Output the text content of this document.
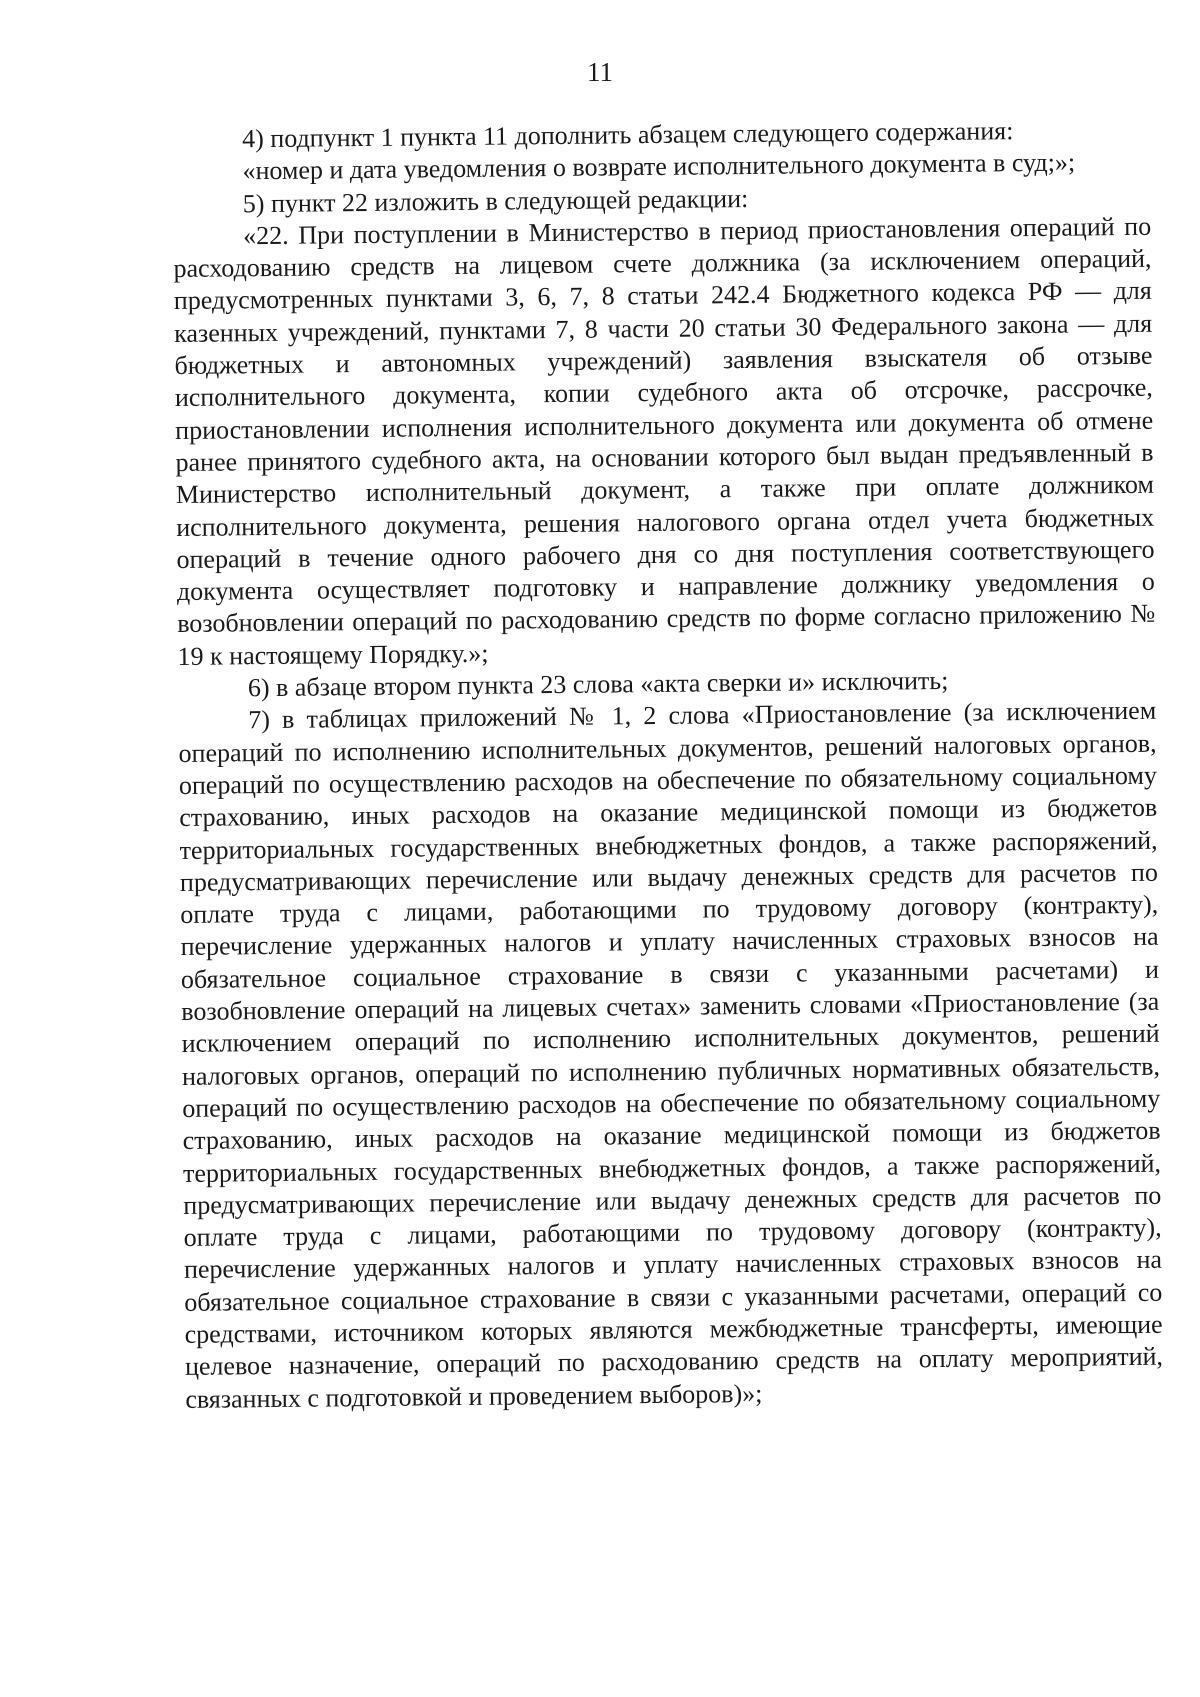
11

4) подпункт 1 пункта 11 дополнить абзацем следующего содержания:

«номер и дата уведомления о возврате исполнительного документа в суд;»;

5) пункт 22 изложить в следующей редакции:

«22. При поступлении в Министерство в период приостановления операций по расходованию средств на лицевом счете должника (за исключением операций, предусмотренных пунктами 3, 6, 7, 8 статьи 242.4 Бюджетного кодекса РФ — для казенных учреждений, пунктами 7, 8 части 20 статьи 30 Федерального закона — для бюджетных и автономных учреждений) заявления взыскателя об отзыве исполнительного документа, копии судебного акта об отсрочке, рассрочке, приостановлении исполнения исполнительного документа или документа об отмене ранее принятого судебного акта, на основании которого был выдан предъявленный в Министерство исполнительный документ, а также при оплате должником исполнительного документа, решения налогового органа отдел учета бюджетных операций в течение одного рабочего дня со дня поступления соответствующего документа осуществляет подготовку и направление должнику уведомления о возобновлении операций по расходованию средств по форме согласно приложению № 19 к настоящему Порядку.»;

6) в абзаце втором пункта 23 слова «акта сверки и» исключить;

7) в таблицах приложений № 1, 2 слова «Приостановление (за исключением операций по исполнению исполнительных документов, решений налоговых органов, операций по осуществлению расходов на обеспечение по обязательному социальному страхованию, иных расходов на оказание медицинской помощи из бюджетов территориальных государственных внебюджетных фондов, а также распоряжений, предусматривающих перечисление или выдачу денежных средств для расчетов по оплате труда с лицами, работающими по трудовому договору (контракту), перечисление удержанных налогов и уплату начисленных страховых взносов на обязательное социальное страхование в связи с указанными расчетами) и возобновление операций на лицевых счетах» заменить словами «Приостановление (за исключением операций по исполнению исполнительных документов, решений налоговых органов, операций по исполнению публичных нормативных обязательств, операций по осуществлению расходов на обеспечение по обязательному социальному страхованию, иных расходов на оказание медицинской помощи из бюджетов территориальных государственных внебюджетных фондов, а также распоряжений, предусматривающих перечисление или выдачу денежных средств для расчетов по оплате труда с лицами, работающими по трудовому договору (контракту), перечисление удержанных налогов и уплату начисленных страховых взносов на обязательное социальное страхование в связи с указанными расчетами, операций со средствами, источником которых являются межбюджетные трансферты, имеющие целевое назначение, операций по расходованию средств на оплату мероприятий, связанных с подготовкой и проведением выборов)»;
